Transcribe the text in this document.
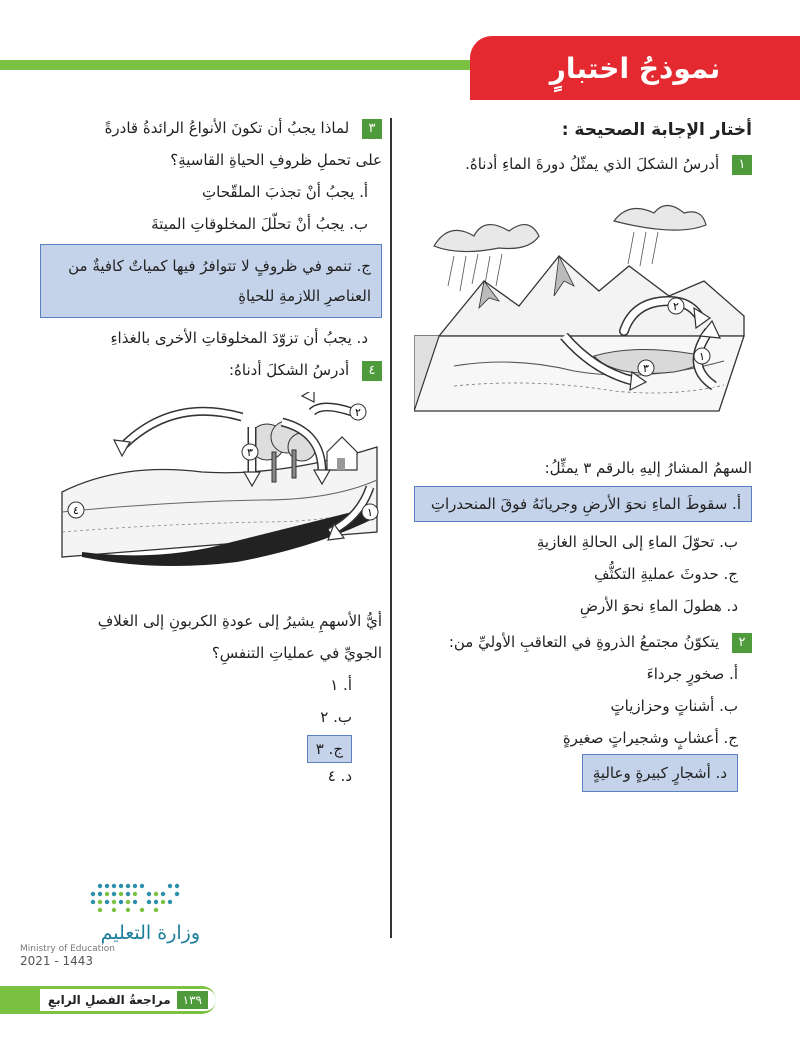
نموذجُ اختبارٍ
أختار الإجابة الصحيحة :
١ أدرسُ الشكلَ الذي يمثّلُ دورةَ الماءِ أدناهُ.
٢
٣
١
السهمُ المشارُ إليهِ بالرقم ٣ يمثِّلُ:
أ. سقوطَ الماءِ نحوَ الأرضِ وجريانَهُ فوقَ المنحدراتِ
ب. تحوّلَ الماءِ إلى الحالةِ الغازيةِ
ج. حدوثَ عمليةِ التكثُّفِ
د. هطولَ الماءِ نحوَ الأرضِ
٢ يتكوّنُ مجتمعُ الذروةِ في التعاقبِ الأوليِّ من:
أ. صخورٍ جرداءَ
ب. أشناتٍ وحزازياتٍ
ج. أعشابٍ وشجيراتٍ صغيرةٍ
د. أشجارٍ كبيرةٍ وعاليةٍ
٣ لماذا يجبُ أن تكونَ الأنواعُ الرائدةُ قادرةً
على تحملِ ظروفِ الحياةِ القاسيةِ؟
أ. يجبُ أنْ تجذبَ الملقّحاتِ
ب. يجبُ أنْ تحلّلَ المخلوقاتِ الميتةَ
ج. تنمو في ظروفٍ لا تتوافرُ فيها كمياتٌ كافيةٌ من العناصرِ اللازمةِ للحياةِ
د. يجبُ أن تزوّدَ المخلوقاتِ الأخرى بالغذاءِ
٤ أدرسُ الشكلَ أدناهُ:
٣
٢
١
٤
أيُّ الأسهمِ يشيرُ إلى عودةِ الكربونِ إلى الغلافِ
الجويِّ في عملياتِ التنفسِ؟
أ. ١
ب. ٢
ج. ٣
د. ٤
وزارة التعليم
Ministry of Education
2021 - 1443
١٣٩
مراجعةُ الفصلِ الرابعِ
